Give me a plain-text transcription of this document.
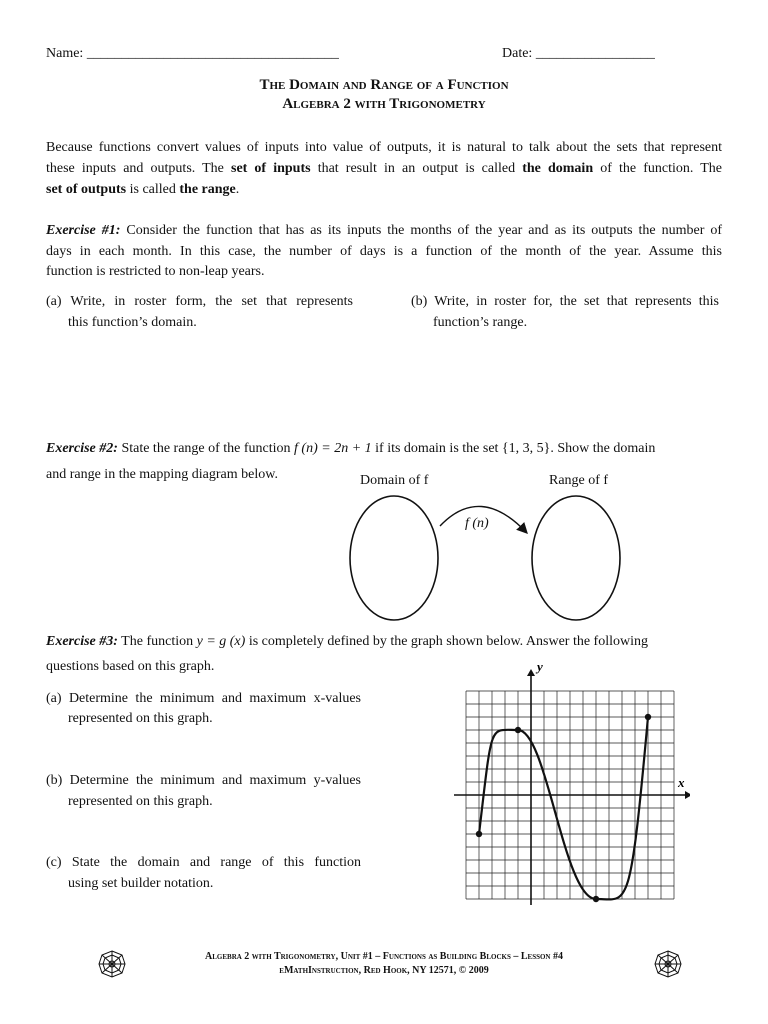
Name: ____________________________________	Date: _________________
The Domain and Range of a Function
Algebra 2 with Trigonometry
Because functions convert values of inputs into value of outputs, it is natural to talk about the sets that represent
these inputs and outputs. The set of inputs that result in an output is called the domain of the function. The
set of outputs is called the range.
Exercise #1: Consider the function that has as its inputs the months of the year and as its outputs the number of
days in each month. In this case, the number of days is a function of the month of the year. Assume this
function is restricted to non-leap years.
(a) Write, in roster form, the set that represents
this function’s domain.
(b) Write, in roster for, the set that represents this
function’s range.
Exercise #2: State the range of the function f (n) = 2n + 1 if its domain is the set {1, 3, 5}. Show the domain
and range in the mapping diagram below.	Domain of f	Range of f
f (n)
Exercise #3: The function y = g (x) is completely defined by the graph shown below. Answer the following
questions based on this graph.
(a) Determine the minimum and maximum x-values
represented on this graph.
(b) Determine the minimum and maximum y-values
represented on this graph.
(c) State the domain and range of this function
using set builder notation.
x
y
Algebra 2 with Trigonometry, Unit #1 – Functions as Building Blocks – Lesson #4
eMathInstruction, Red Hook, NY 12571, © 2009
